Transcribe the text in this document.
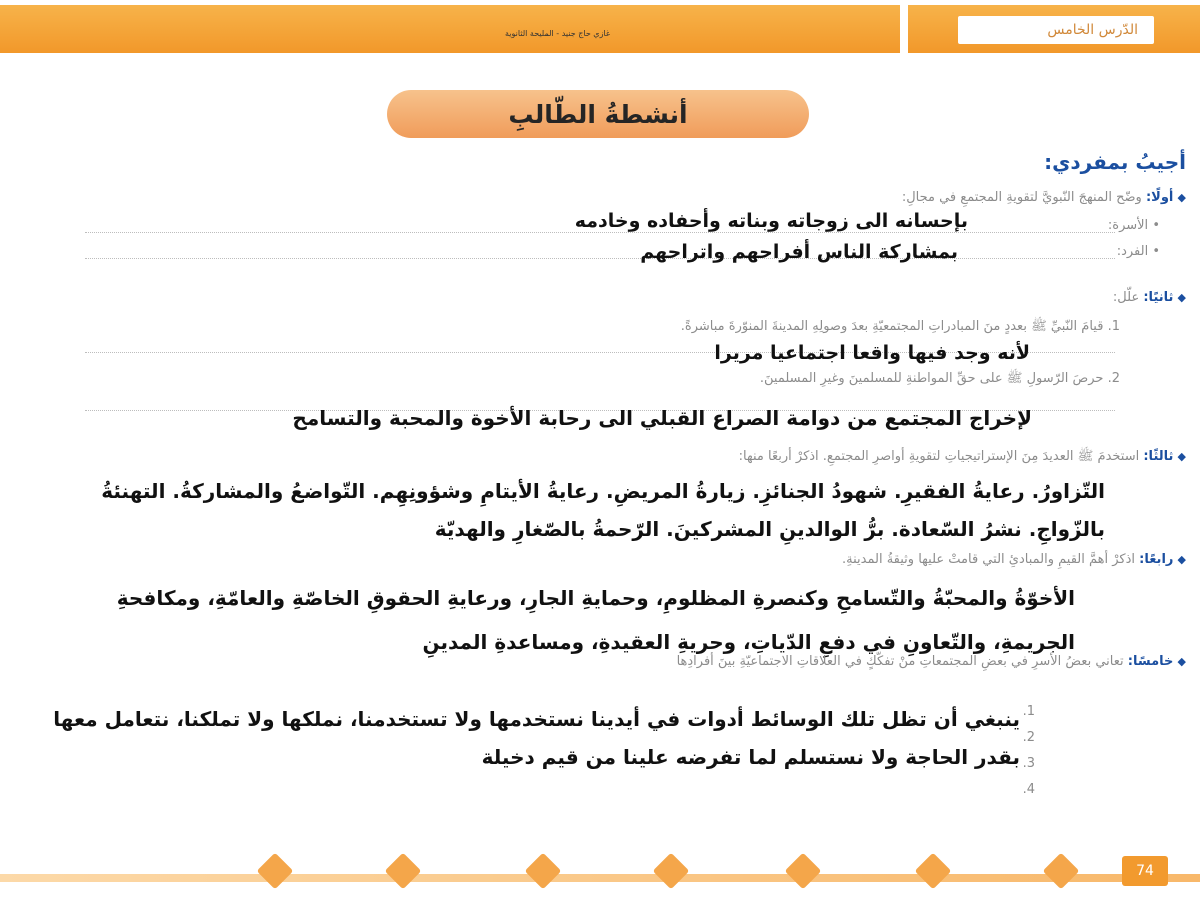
الدّرس الخامس
غازي حاج جنيد - المليحة الثانوية
أنشطةُ الطّالبِ
أجيبُ بمفردي:
◆ أولًا: وضّح المنهجَ النّبويَّ لتقويةِ المجتمعِ في مجالِ:
• الأسرة:
• الفرد:
بإحسانه الى زوجاته وبناته وأحفاده وخادمه
بمشاركة الناس أفراحهم واتراحهم
◆ ثانيًا: علّل:
1. قيامَ النّبيِّ ﷺ بعددٍ منَ المبادراتِ المجتمعيّةِ بعدَ وصولِهِ المدينةَ المنوّرةَ مباشرةً.
لأنه وجد فيها واقعا اجتماعيا مريرا
2. حرصَ الرّسولِ ﷺ على حقِّ المواطنةِ للمسلمينَ وغيرِ المسلمينَ.
لإخراج المجتمع من دوامة الصراع القبلي الى رحابة الأخوة والمحبة والتسامح
◆ ثالثًا: استخدمَ ﷺ العديدَ مِنَ الإستراتيجياتِ لتقويةِ أواصرِ المجتمعِ. اذكرْ أربعًا منها:
التّزاورُ. رعايةُ الفقيرِ. شهودُ الجنائزِ. زيارةُ المريضِ. رعايةُ الأيتامِ وشؤونِهِم. التّواضعُ والمشاركةُ. التهنئةُ بالزّواجِ. نشرُ السّعادة. برُّ الوالدينِ المشركينَ. الرّحمةُ بالصّغارِ والهديّة
◆ رابعًا: اذكرْ أهمَّ القيمِ والمبادئِ التي قامتْ عليها وثيقةُ المدينةِ.
الأخوّةُ والمحبّةُ والتّسامحِ وكنصرةِ المظلومِ، وحمايةِ الجارِ، ورعايةِ الحقوقِ الخاصّةِ والعامّةِ، ومكافحةِ الجريمةِ، والتّعاونِ في دفعِ الدّياتِ، وحريةِ العقيدةِ، ومساعدةِ المدينِ
◆ خامسًا: تعاني بعضُ الأسرِ في بعضِ المجتمعاتِ منْ تفكّكٍ في العلاقاتِ الاجتماعيّةِ بينَ أفرادِها
1.
2.
3.
4.
ينبغي أن تظل تلك الوسائط أدوات في أيدينا نستخدمها ولا تستخدمنا، نملكها ولا تملكنا، نتعامل معها بقدر الحاجة ولا نستسلم لما تفرضه علينا من قيم دخيلة
74
